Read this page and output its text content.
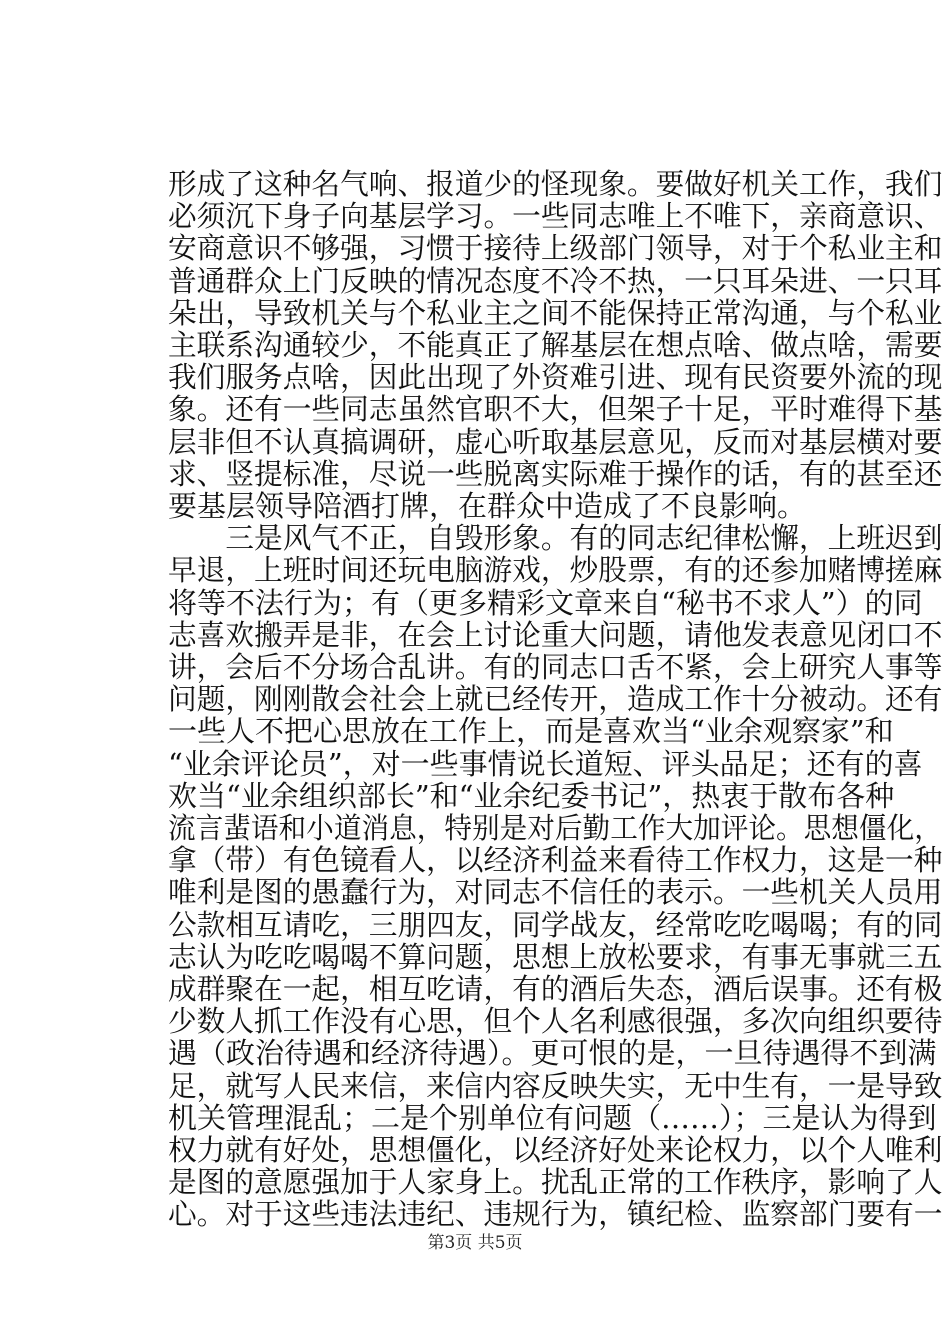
形成了这种名气响、报道少的怪现象。要做好机关工作，我们
必须沉下身子向基层学习。一些同志唯上不唯下，亲商意识、
安商意识不够强，习惯于接待上级部门领导，对于个私业主和
普通群众上门反映的情况态度不冷不热，一只耳朵进、一只耳
朵出，导致机关与个私业主之间不能保持正常沟通，与个私业
主联系沟通较少，不能真正了解基层在想点啥、做点啥，需要
我们服务点啥，因此出现了外资难引进、现有民资要外流的现
象。还有一些同志虽然官职不大，但架子十足，平时难得下基
层非但不认真搞调研，虚心听取基层意见，反而对基层横对要
求、竖提标准，尽说一些脱离实际难于操作的话，有的甚至还
要基层领导陪酒打牌，在群众中造成了不良影响。
　　三是风气不正，自毁形象。有的同志纪律松懈，上班迟到
早退，上班时间还玩电脑游戏，炒股票，有的还参加赌博搓麻
将等不法行为；有（更多精彩文章来自“秘书不求人”）的同
志喜欢搬弄是非，在会上讨论重大问题，请他发表意见闭口不
讲，会后不分场合乱讲。有的同志口舌不紧，会上研究人事等
问题，刚刚散会社会上就已经传开，造成工作十分被动。还有
一些人不把心思放在工作上，而是喜欢当“业余观察家”和
“业余评论员”，对一些事情说长道短、评头品足；还有的喜
欢当“业余组织部长”和“业余纪委书记”，热衷于散布各种
流言蜚语和小道消息，特别是对后勤工作大加评论。思想僵化，
拿（带）有色镜看人，以经济利益来看待工作权力，这是一种
唯利是图的愚蠢行为，对同志不信任的表示。一些机关人员用
公款相互请吃，三朋四友，同学战友，经常吃吃喝喝；有的同
志认为吃吃喝喝不算问题，思想上放松要求，有事无事就三五
成群聚在一起，相互吃请，有的酒后失态，酒后误事。还有极
少数人抓工作没有心思，但个人名利感很强，多次向组织要待
遇（政治待遇和经济待遇）。更可恨的是，一旦待遇得不到满
足，就写人民来信，来信内容反映失实，无中生有，一是导致
机关管理混乱；二是个别单位有问题（……）；三是认为得到
权力就有好处，思想僵化，以经济好处来论权力，以个人唯利
是图的意愿强加于人家身上。扰乱正常的工作秩序，影响了人
心。对于这些违法违纪、违规行为，镇纪检、监察部门要有一
第3页 共5页
